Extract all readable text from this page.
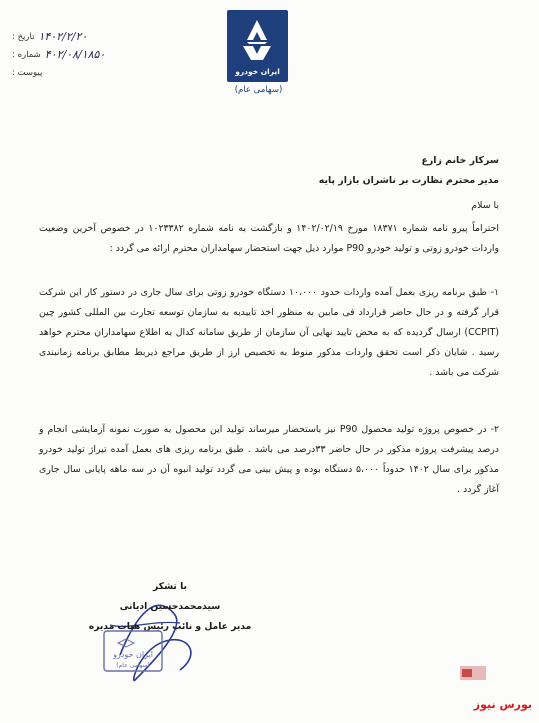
۱۴۰۲/۲/۲۰
تاریخ :
۴۰۲/۰۸/۱۸۵۰
شماره :
پیوست :	ایران خودرو
(سهامی عام)
سرکار خانم زارع
مدیر محترم نظارت بر ناشران بازار پایه
با سلام
احتراماً پیرو نامه شماره ۱۸۳۷۱ مورخ ۱۴۰۲/۰۲/۱۹ و بازگشت به نامه شماره ۱۰۲۳۳۸۲ در خصوص آخرین وضعیت واردات خودرو زوتی و تولید خودرو P90 موارد ذیل جهت استحضار سهامداران محترم ارائه می گردد :
۱- طبق برنامه ریزی بعمل آمده واردات حدود ۱۰،۰۰۰ دستگاه خودرو زوتی برای سال جاری در دستور کار این شرکت قرار گرفته و در حال حاضر قرارداد فی مابین به منظور اخذ تاییدیه به سازمان توسعه تجارت بین المللی کشور چین (CCPIT) ارسال گردیده که به محض تایید نهایی آن سازمان از طریق سامانه کدال به اطلاع سهامداران محترم خواهد رسید . شایان ذکر است تحقق واردات مذکور منوط به تخصیص ارز از طریق مراجع ذیربط مطابق برنامه زمانبندی شرکت می باشد .
۲- در خصوص پروژه تولید محصول P90 نیز باستحضار میرساند تولید این محصول به صورت نمونه آزمایشی انجام و درصد پیشرفت پروژه مذکور در حال حاضر ۳۳درصد می باشد . طبق برنامه ریزی های بعمل آمده تیراژ تولید خودرو مذکور برای سال ۱۴۰۲ حدوداً ۵،۰۰۰ دستگاه بوده و پیش بینی می گردد تولید انبوه آن در سه ماهه پایانی سال جاری آغاز گردد .
با تشکر
سیدمحمدحسین ادیانی
مدیر عامل و نائب رئیس هیات مدیره
ایران خودرو
(سهامی عام)
بورس نیوز
